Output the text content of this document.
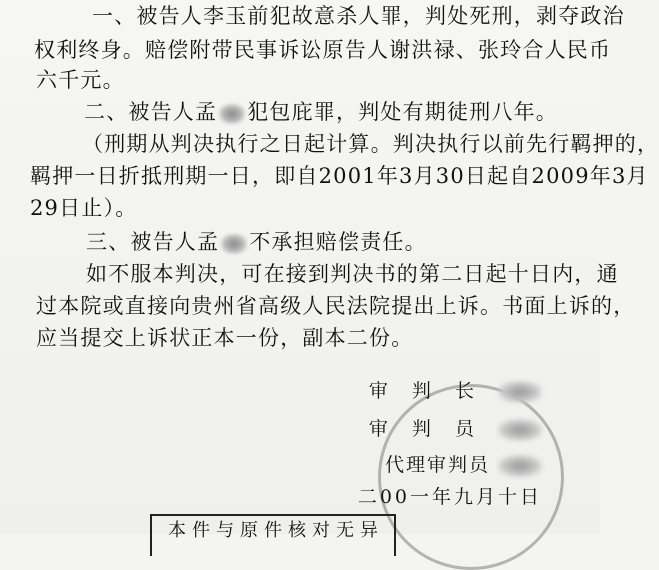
一、被告人李玉前犯故意杀人罪，判处死刑，剥夺政治
权利终身。赔偿附带民事诉讼原告人谢洪禄、张玲合人民币
六千元。
二、被告人孟 犯包庇罪，判处有期徒刑八年。
（刑期从判决执行之日起计算。判决执行以前先行羁押的，
羁押一日折抵刑期一日，即自2001年3月30日起自2009年3月
29日止）。
三、被告人孟 不承担赔偿责任。
如不服本判决，可在接到判决书的第二日起十日内，通
过本院或直接向贵州省高级人民法院提出上诉。书面上诉的，
应当提交上诉状正本一份，副本二份。
审 判 长
审 判 员
代理审判员
二00一年九月十日
本件与原件核对无异
